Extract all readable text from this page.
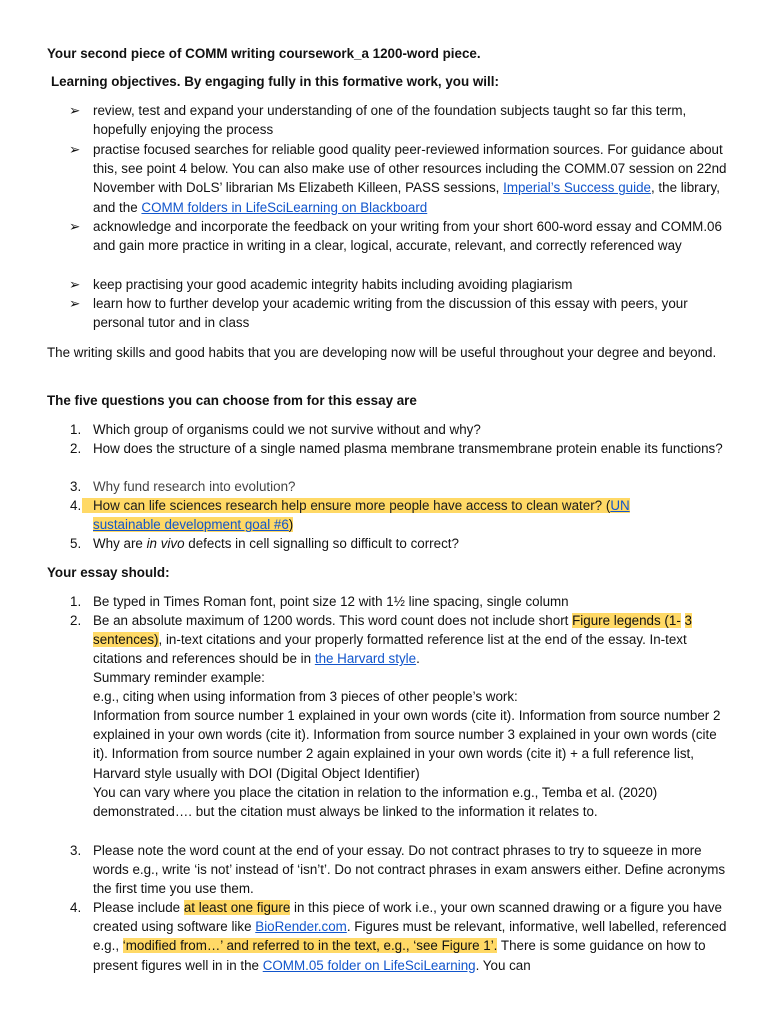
Your second piece of COMM writing coursework_a 1200-word piece.

Learning objectives. By engaging fully in this formative work, you will:

➢ review, test and expand your understanding of one of the foundation subjects taught so far this term, hopefully enjoying the process
➢ practise focused searches for reliable good quality peer-reviewed information sources. For guidance about this, see point 4 below. You can also make use of other resources including the COMM.07 session on 22nd November with DoLS’ librarian Ms Elizabeth Killeen, PASS sessions, Imperial’s Success guide, the library, and the COMM folders in LifeSciLearning on Blackboard
➢ acknowledge and incorporate the feedback on your writing from your short 600-word essay and COMM.06 and gain more practice in writing in a clear, logical, accurate, relevant, and correctly referenced way
➢ keep practising your good academic integrity habits including avoiding plagiarism
➢ learn how to further develop your academic writing from the discussion of this essay with peers, your personal tutor and in class

The writing skills and good habits that you are developing now will be useful throughout your degree and beyond.

The five questions you can choose from for this essay are

1. Which group of organisms could we not survive without and why?
2. How does the structure of a single named plasma membrane transmembrane protein enable its functions?
3. Why fund research into evolution?
4. How can life sciences research help ensure more people have access to clean water? (UN
sustainable development goal #6)
5. Why are in vivo defects in cell signalling so difficult to correct?

Your essay should:

1. Be typed in Times Roman font, point size 12 with 1½ line spacing, single column
2. Be an absolute maximum of 1200 words. This word count does not include short Figure legends (1- 3 sentences), in-text citations and your properly formatted reference list at the end of the essay. In-text citations and references should be in the Harvard style.
Summary reminder example:
e.g., citing when using information from 3 pieces of other people’s work:
Information from source number 1 explained in your own words (cite it). Information from source number 2 explained in your own words (cite it). Information from source number 3 explained in your own words (cite it). Information from source number 2 again explained in your own words (cite it) + a full reference list, Harvard style usually with DOI (Digital Object Identifier)
You can vary where you place the citation in relation to the information e.g., Temba et al. (2020) demonstrated…. but the citation must always be linked to the information it relates to.
3. Please note the word count at the end of your essay. Do not contract phrases to try to squeeze in more words e.g., write ‘is not’ instead of ‘isn’t’. Do not contract phrases in exam answers either. Define acronyms the first time you use them.
4. Please include at least one figure in this piece of work i.e., your own scanned drawing or a figure you have created using software like BioRender.com. Figures must be relevant, informative, well labelled, referenced e.g., ‘modified from…’ and referred to in the text, e.g., ‘see Figure 1’. There is some guidance on how to present figures well in in the COMM.05 folder on LifeSciLearning. You can
